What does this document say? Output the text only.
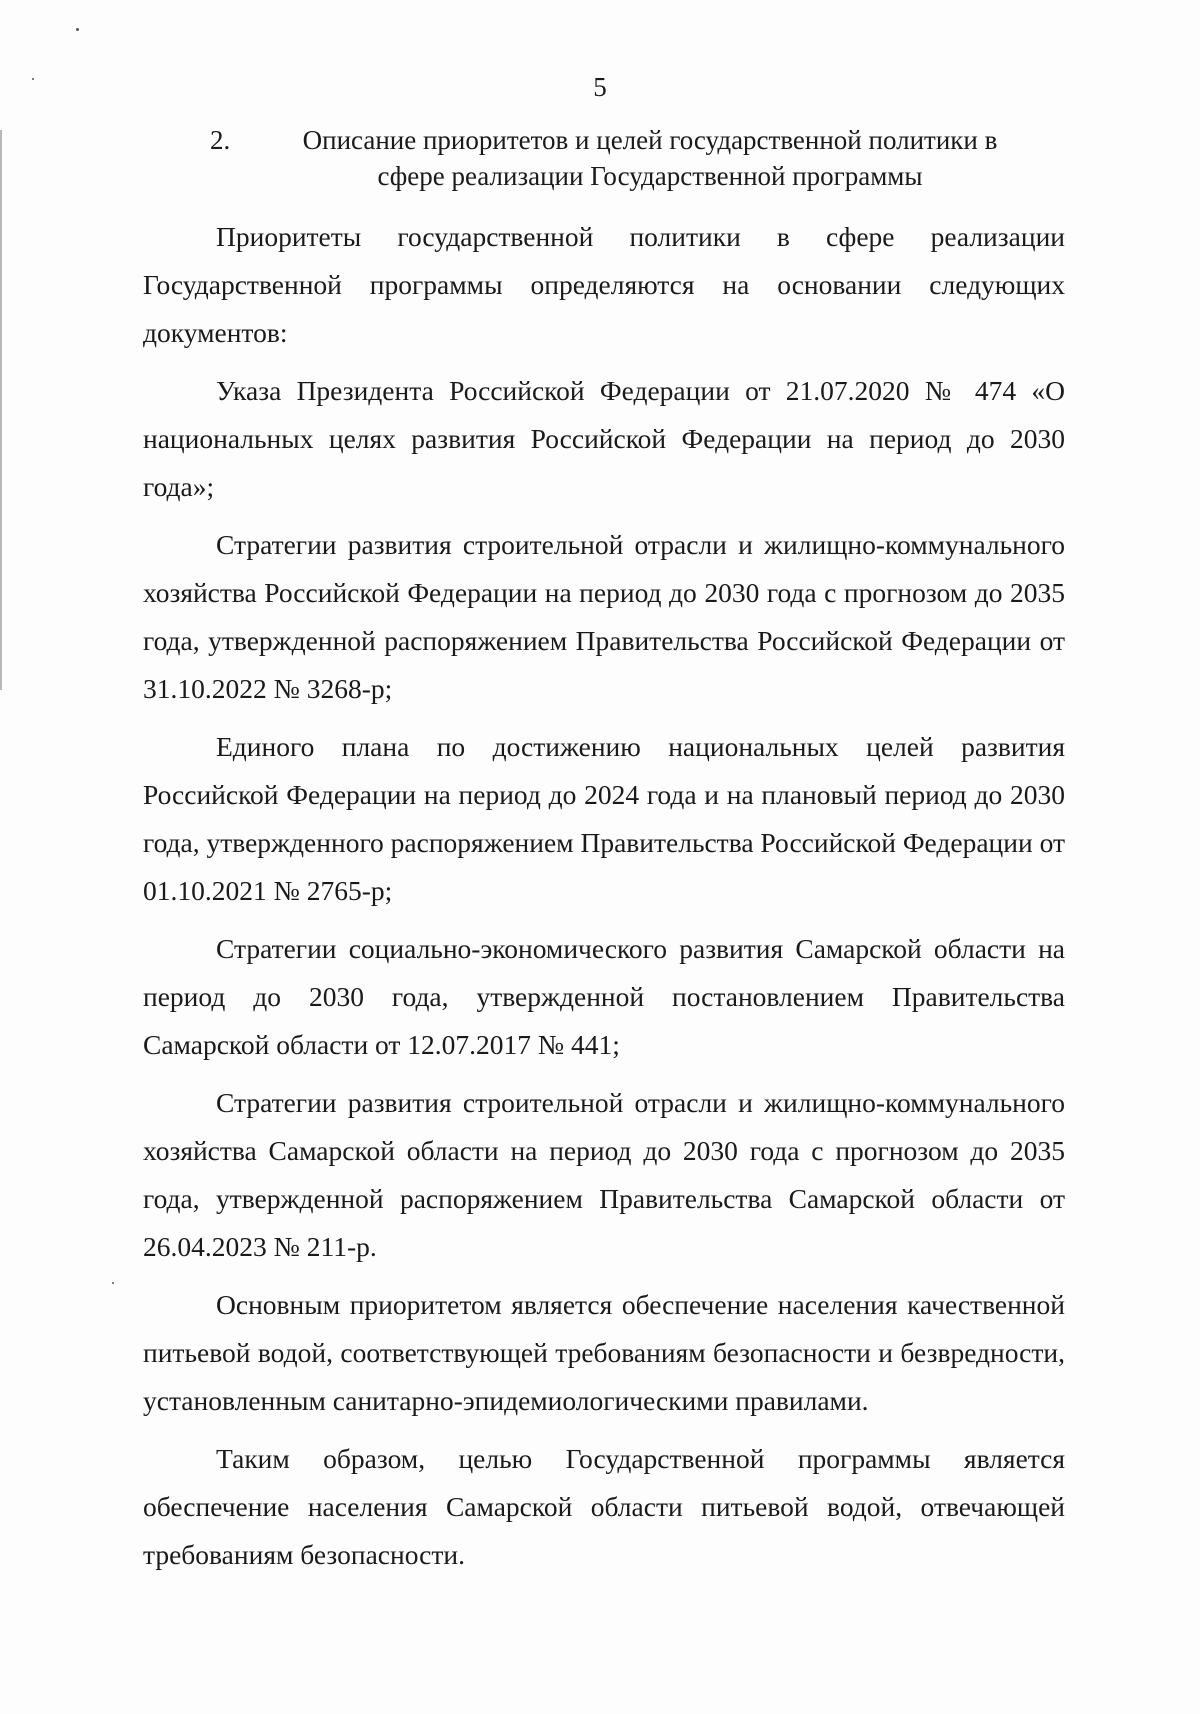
5
2.	Описание приоритетов и целей государственной политики в сфере реализации Государственной программы

Приоритеты государственной политики в сфере реализации Государственной программы определяются на основании следующих документов:

Указа Президента Российской Федерации от 21.07.2020 № 474 «О национальных целях развития Российской Федерации на период до 2030 года»;

Стратегии развития строительной отрасли и жилищно-коммунального хозяйства Российской Федерации на период до 2030 года с прогнозом до 2035 года, утвержденной распоряжением Правительства Российской Федерации от 31.10.2022 № 3268-р;

Единого плана по достижению национальных целей развития Российской Федерации на период до 2024 года и на плановый период до 2030 года, утвержденного распоряжением Правительства Российской Федерации от 01.10.2021 № 2765-р;

Стратегии социально-экономического развития Самарской области на период до 2030 года, утвержденной постановлением Правительства Самарской области от 12.07.2017 № 441;

Стратегии развития строительной отрасли и жилищно-коммунального хозяйства Самарской области на период до 2030 года с прогнозом до 2035 года, утвержденной распоряжением Правительства Самарской области от 26.04.2023 № 211-р.

Основным приоритетом является обеспечение населения качественной питьевой водой, соответствующей требованиям безопасности и безвредности, установленным санитарно-эпидемиологическими правилами.

Таким образом, целью Государственной программы является обеспечение населения Самарской области питьевой водой, отвечающей требованиям безопасности.
